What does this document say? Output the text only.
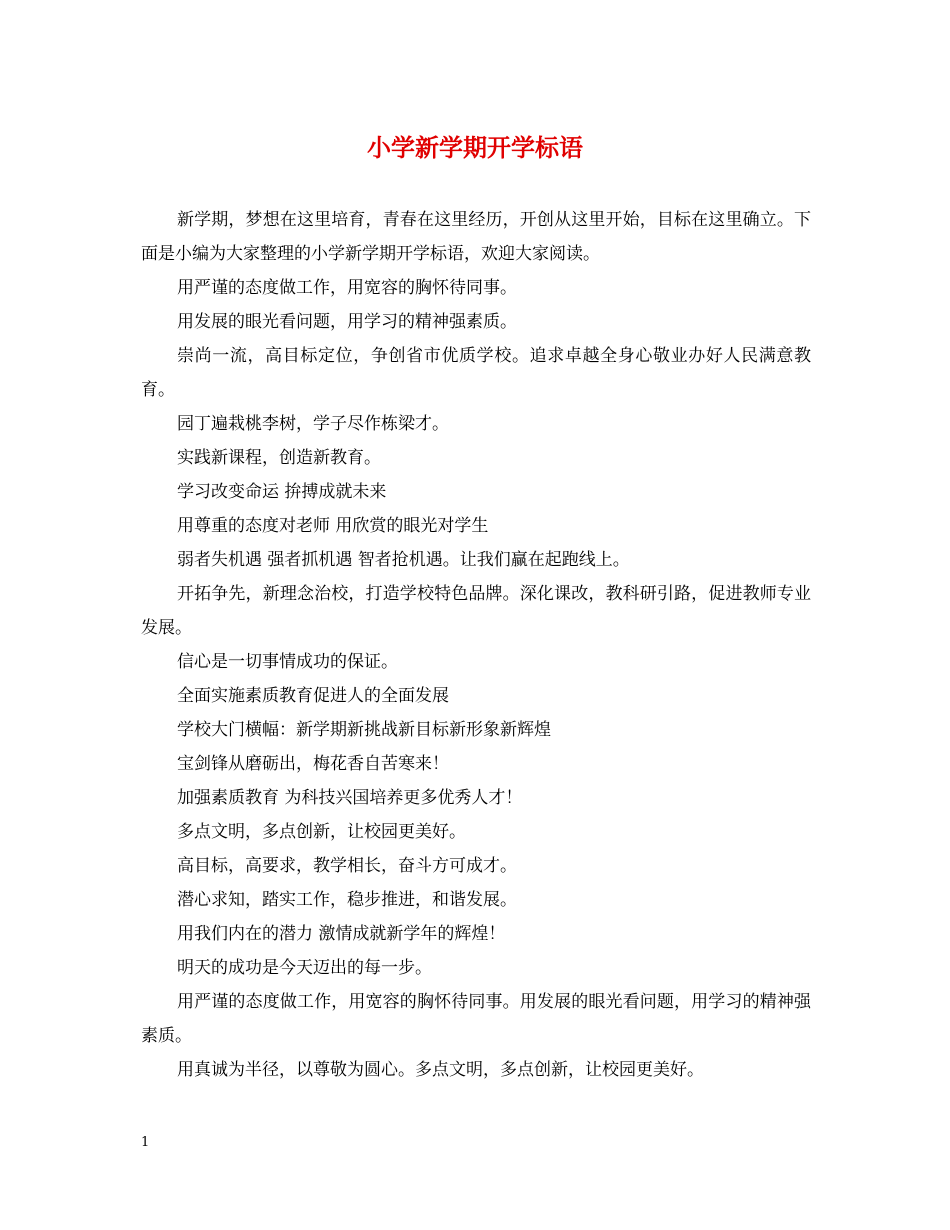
小学新学期开学标语

新学期，梦想在这里培育，青春在这里经历，开创从这里开始，目标在这里确立。下面是小编为大家整理的小学新学期开学标语，欢迎大家阅读。

用严谨的态度做工作，用宽容的胸怀待同事。

用发展的眼光看问题，用学习的精神强素质。

崇尚一流，高目标定位，争创省市优质学校。追求卓越全身心敬业办好人民满意教育。

园丁遍栽桃李树，学子尽作栋梁才。

实践新课程，创造新教育。

学习改变命运 拚搏成就未来

用尊重的态度对老师 用欣赏的眼光对学生

弱者失机遇 强者抓机遇 智者抢机遇。让我们赢在起跑线上。

开拓争先，新理念治校，打造学校特色品牌。深化课改，教科研引路，促进教师专业发展。

信心是一切事情成功的保证。

全面实施素质教育促进人的全面发展

学校大门横幅：新学期新挑战新目标新形象新辉煌

宝剑锋从磨砺出，梅花香自苦寒来！

加强素质教育 为科技兴国培养更多优秀人才！

多点文明，多点创新，让校园更美好。

高目标，高要求，教学相长，奋斗方可成才。

潜心求知，踏实工作，稳步推进，和谐发展。

用我们内在的潜力 激情成就新学年的辉煌！

明天的成功是今天迈出的每一步。

用严谨的态度做工作，用宽容的胸怀待同事。用发展的眼光看问题，用学习的精神强素质。

用真诚为半径，以尊敬为圆心。多点文明，多点创新，让校园更美好。

1
